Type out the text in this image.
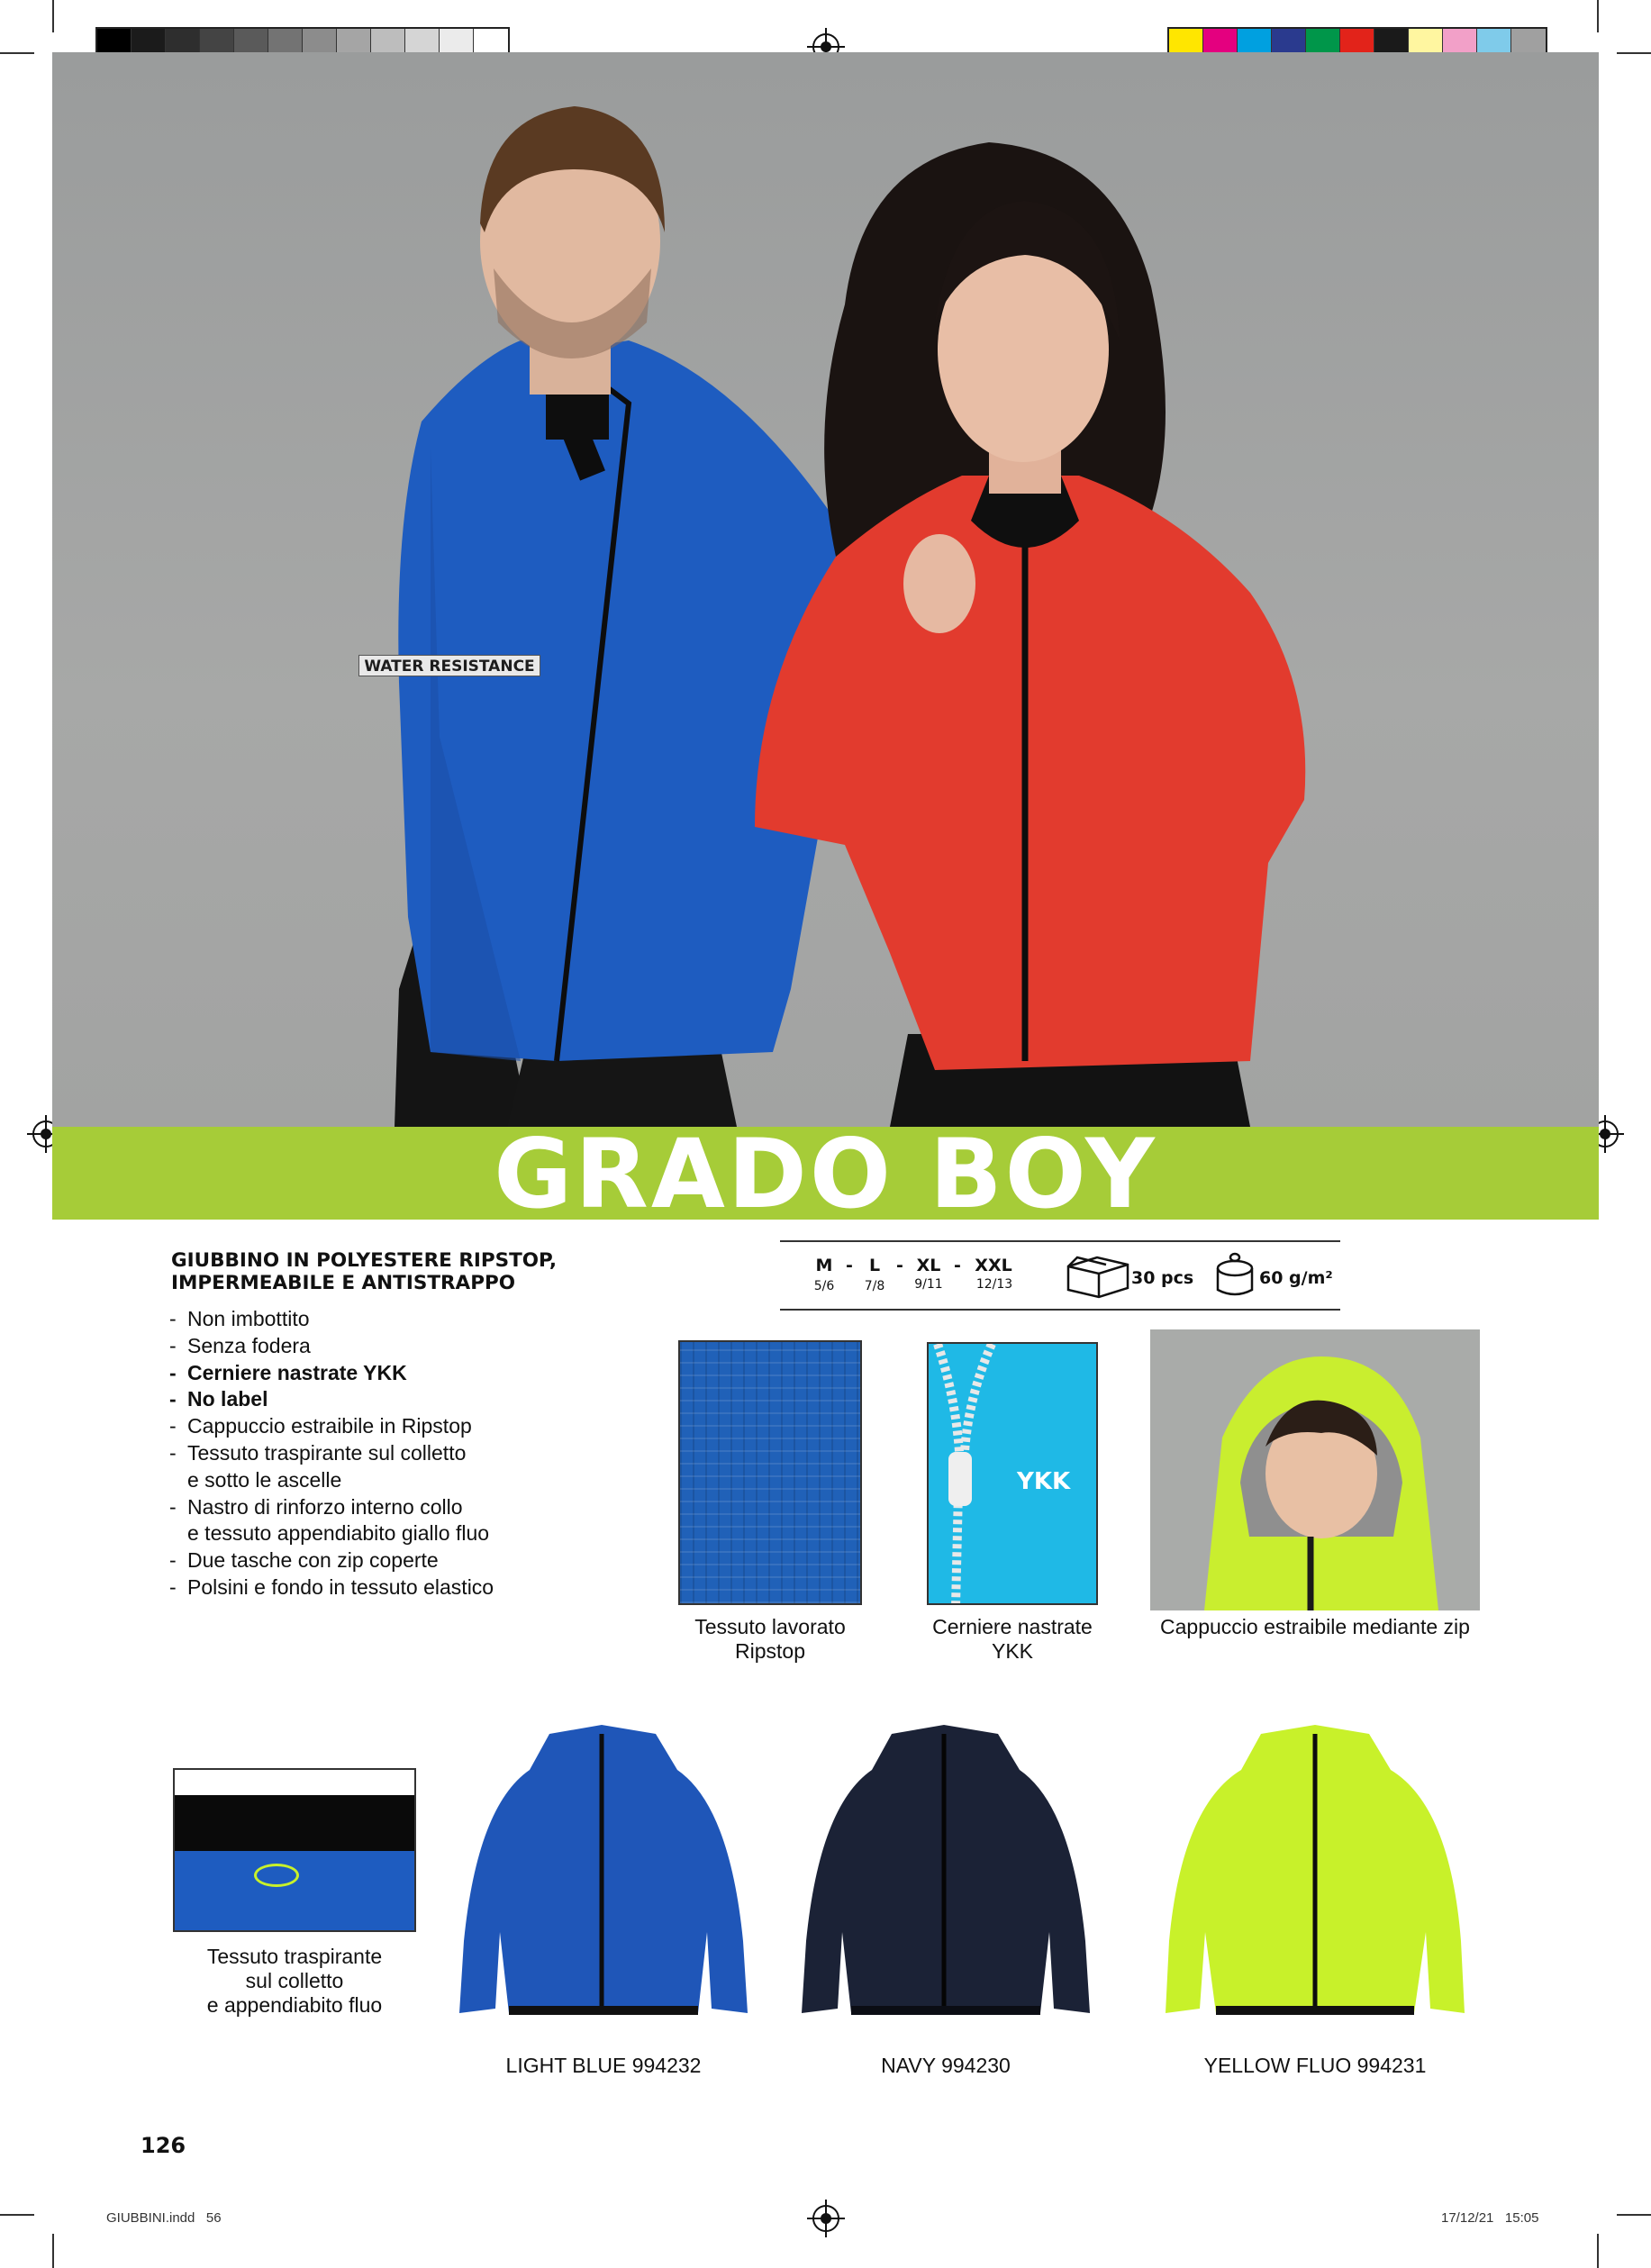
WATER RESISTANCE
GRADO BOY
GIUBBINO IN POLYESTERE RIPSTOP,
IMPERMEABILE E ANTISTRAPPO
- Non imbottito
- Senza fodera
- Cerniere nastrate YKK
- No label
- Cappuccio estraibile in Ripstop
- Tessuto traspirante sul colletto
e sotto le ascelle
- Nastro di rinforzo interno collo
e tessuto appendiabito giallo fluo
- Due tasche con zip coperte
- Polsini e fondo in tessuto elastico
M - L - XL - XXL
5/6	7/8	9/11	12/13	30 pcs	60 g/m²
Tessuto lavorato
Ripstop
YKK
Cerniere nastrate
YKK
Cappuccio estraibile mediante zip
Tessuto traspirante
sul colletto
e appendiabito fluo
LIGHT BLUE 994232	NAVY 994230	YELLOW FLUO 994231
126
GIUBBINI.indd   56	17/12/21   15:05
